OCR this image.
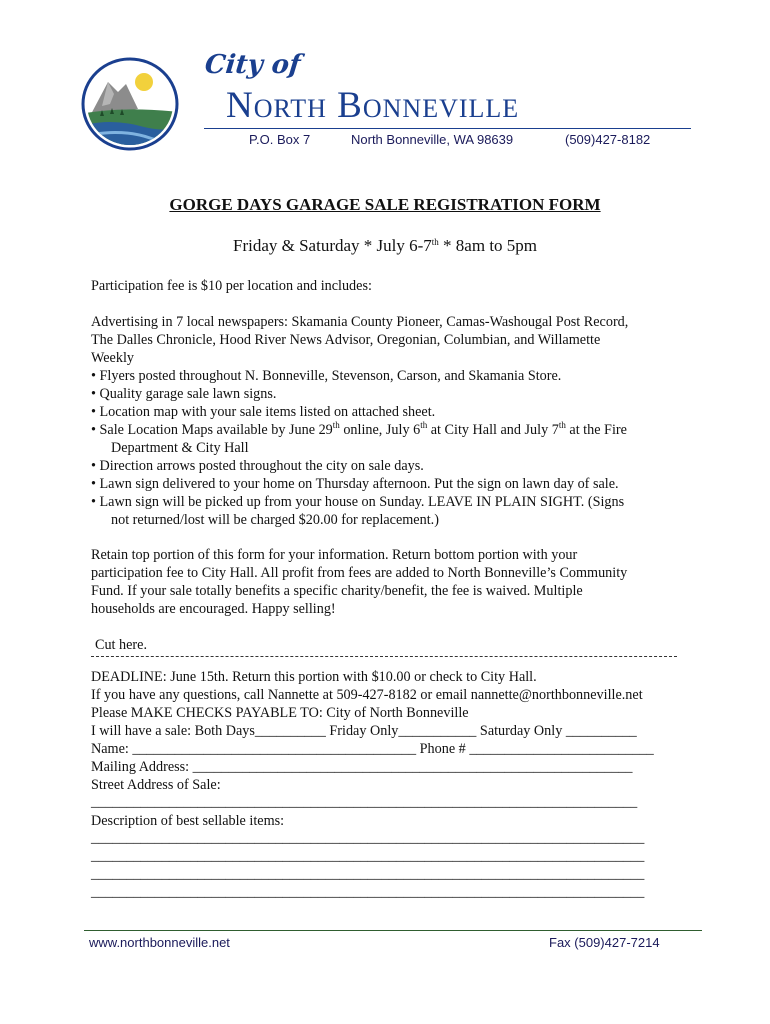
City of
North Bonneville
P.O. Box 7	North Bonneville, WA 98639	(509)427-8182
GORGE DAYS GARAGE SALE REGISTRATION FORM
Friday & Saturday * July 6-7th * 8am to 5pm
Participation fee is $10 per location and includes:
Advertising in 7 local newspapers: Skamania County Pioneer, Camas-Washougal Post Record,
The Dalles Chronicle, Hood River News Advisor, Oregonian, Columbian, and Willamette
Weekly
• Flyers posted throughout N. Bonneville, Stevenson, Carson, and Skamania Store.
• Quality garage sale lawn signs.
• Location map with your sale items listed on attached sheet.
• Sale Location Maps available by June 29th online, July 6th at City Hall and July 7th at the Fire
Department & City Hall
• Direction arrows posted throughout the city on sale days.
• Lawn sign delivered to your home on Thursday afternoon. Put the sign on lawn day of sale.
• Lawn sign will be picked up from your house on Sunday. LEAVE IN PLAIN SIGHT. (Signs
not returned/lost will be charged $20.00 for replacement.)
Retain top portion of this form for your information. Return bottom portion with your
participation fee to City Hall. All profit from fees are added to North Bonneville’s Community
Fund. If your sale totally benefits a specific charity/benefit, the fee is waived. Multiple
households are encouraged. Happy selling!
Cut here.
DEADLINE: June 15th. Return this portion with $10.00 or check to City Hall.
If you have any questions, call Nannette at 509-427-8182 or email nannette@northbonneville.net
Please MAKE CHECKS PAYABLE TO: City of North Bonneville
I will have a sale: Both Days__________ Friday Only___________ Saturday Only __________
Name: ________________________________________ Phone # __________________________
Mailing Address: ______________________________________________________________
Street Address of Sale:
_____________________________________________________________________________
Description of best sellable items:
______________________________________________________________________________
______________________________________________________________________________
______________________________________________________________________________
______________________________________________________________________________
www.northbonneville.net	Fax (509)427-7214
